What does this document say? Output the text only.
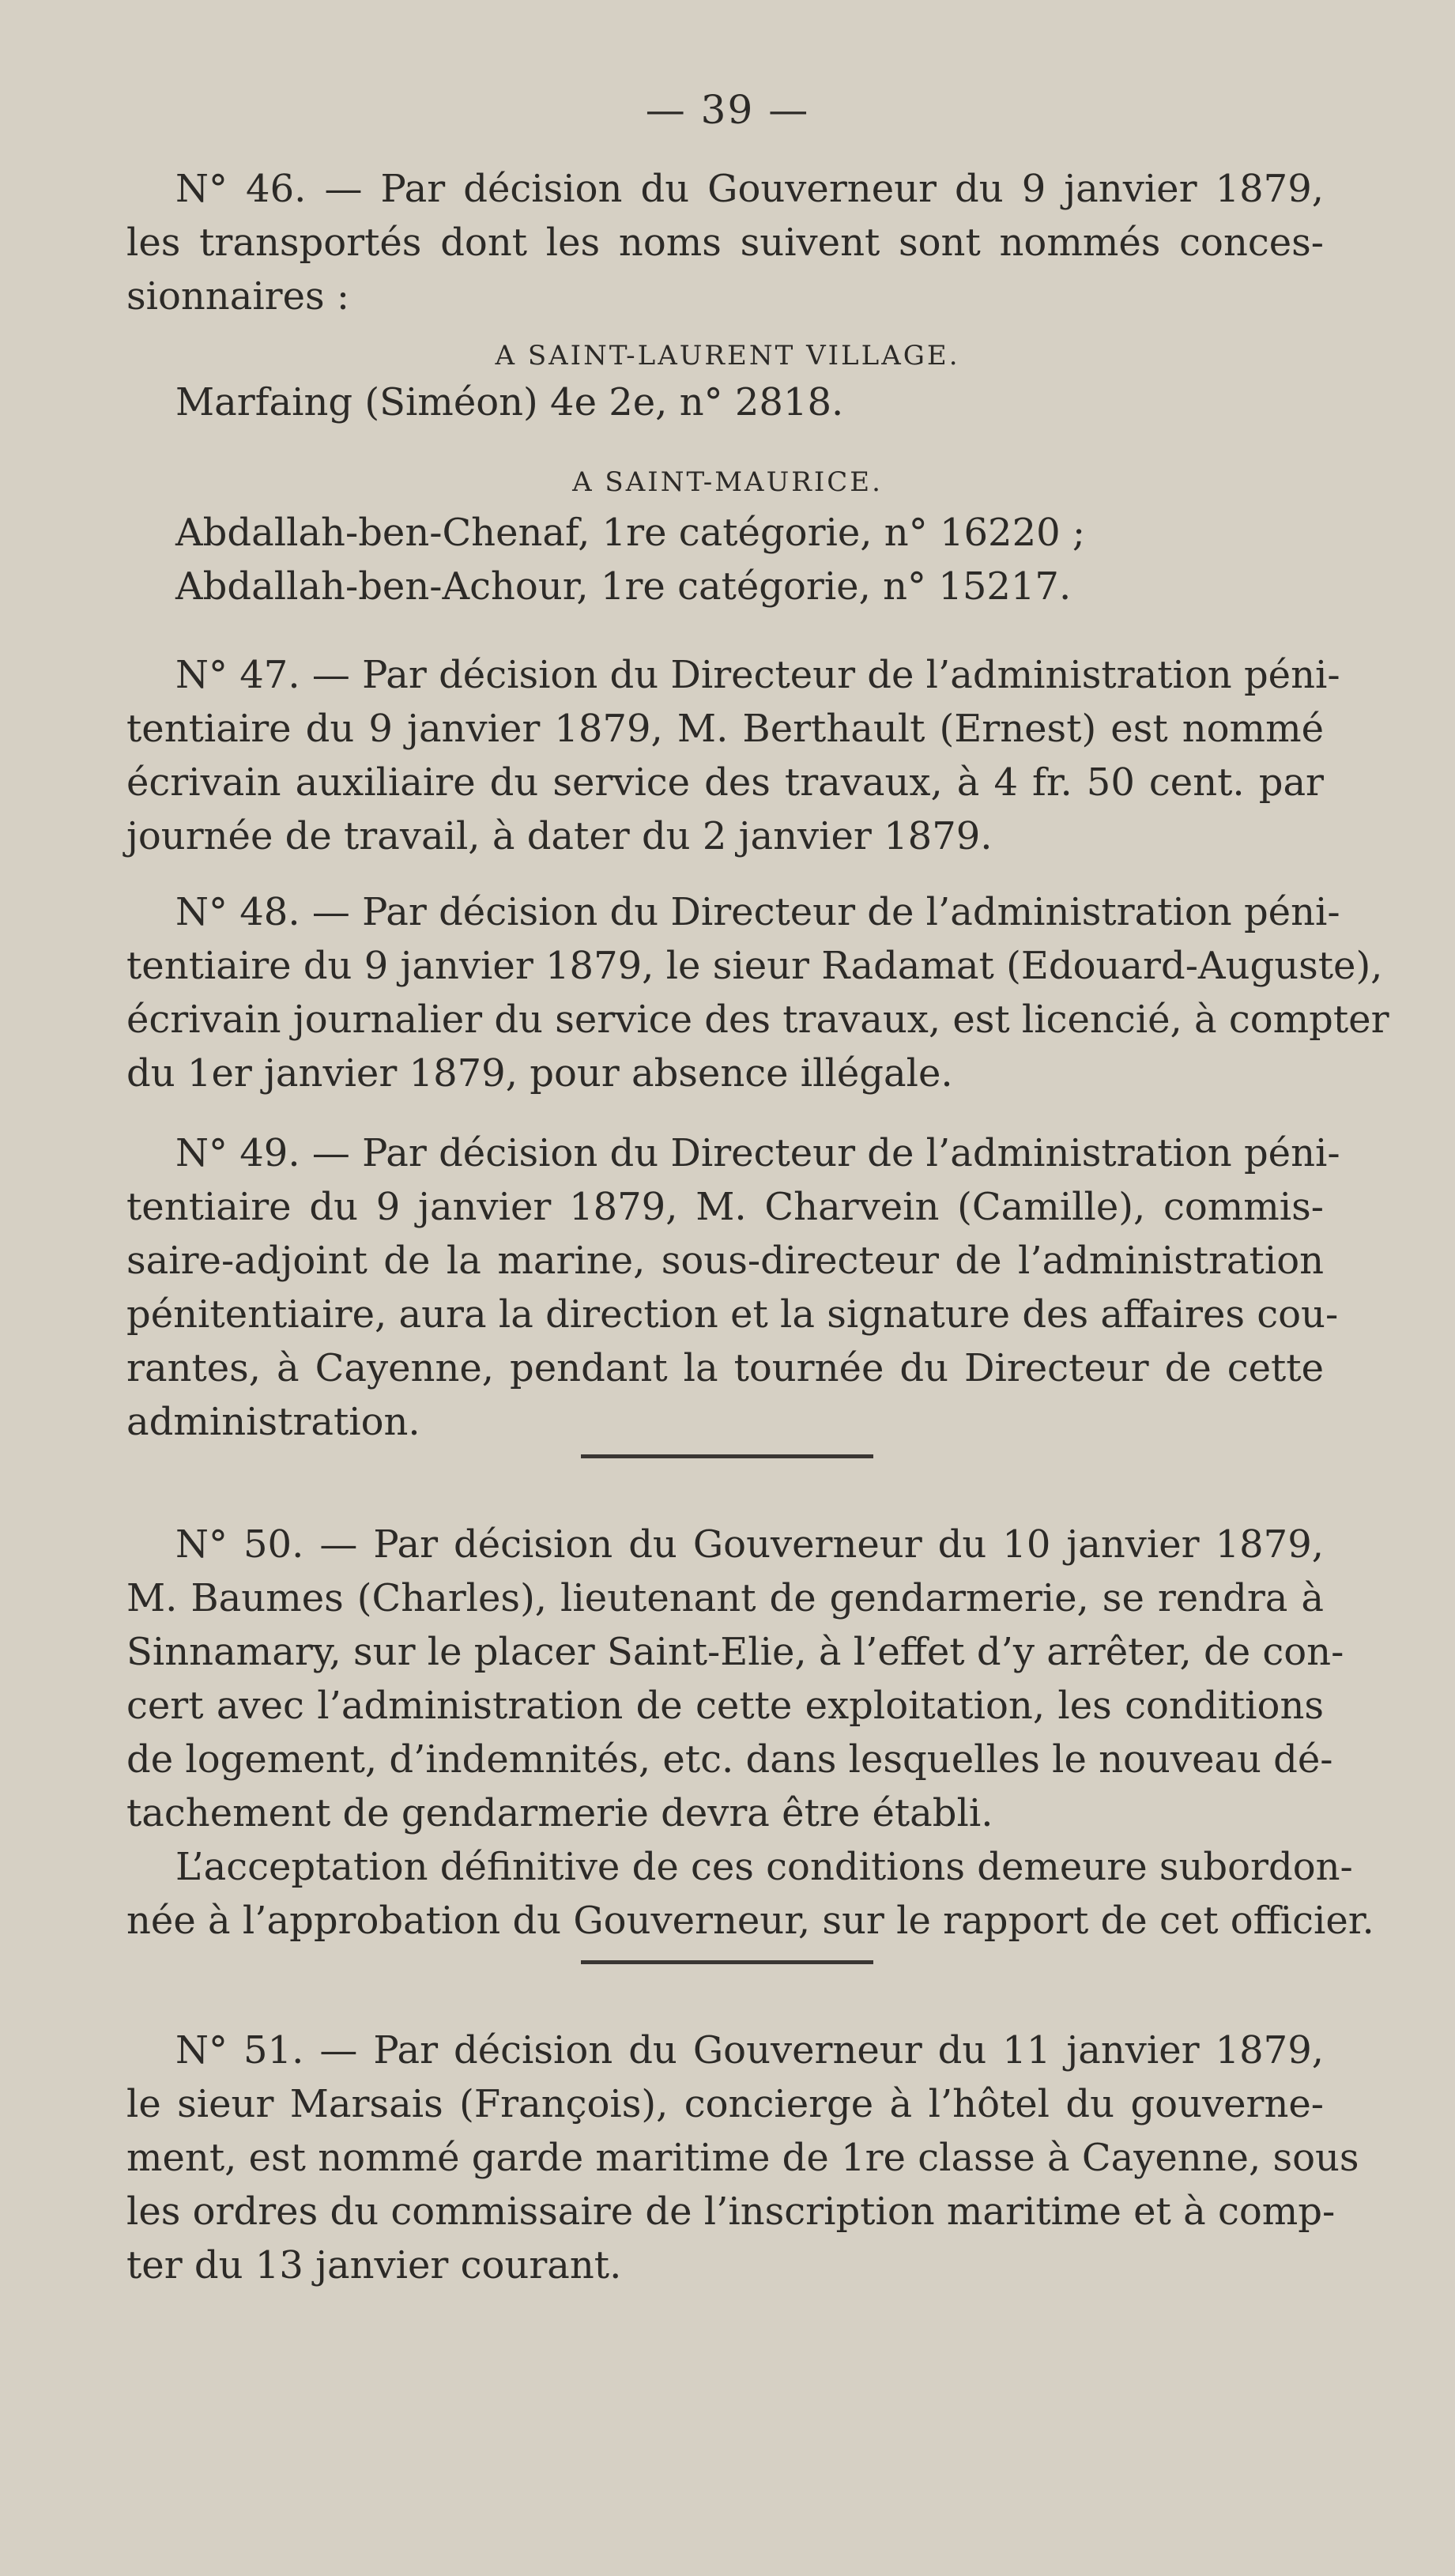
— 39 —
N° 46. — Par décision du Gouverneur du 9 janvier 1879,
les transportés dont les noms suivent sont nommés conces-
sionnaires :
A SAINT-LAURENT VILLAGE.
Marfaing (Siméon) 4e 2e, n° 2818.
A SAINT-MAURICE.
Abdallah-ben-Chenaf, 1re catégorie, n° 16220 ;
Abdallah-ben-Achour, 1re catégorie, n° 15217.
N° 47. — Par décision du Directeur de l’administration péni-
tentiaire du 9 janvier 1879, M. Berthault (Ernest) est nommé
écrivain auxiliaire du service des travaux, à 4 fr. 50 cent. par
journée de travail, à dater du 2 janvier 1879.
N° 48. — Par décision du Directeur de l’administration péni-
tentiaire du 9 janvier 1879, le sieur Radamat (Edouard-Auguste),
écrivain journalier du service des travaux, est licencié, à compter
du 1er janvier 1879, pour absence illégale.
N° 49. — Par décision du Directeur de l’administration péni-
tentiaire du 9 janvier 1879, M. Charvein (Camille), commis-
saire-adjoint de la marine, sous-directeur de l’administration
pénitentiaire, aura la direction et la signature des affaires cou-
rantes, à Cayenne, pendant la tournée du Directeur de cette
administration.
N° 50. — Par décision du Gouverneur du 10 janvier 1879,
M. Baumes (Charles), lieutenant de gendarmerie, se rendra à
Sinnamary, sur le placer Saint-Elie, à l’effet d’y arrêter, de con-
cert avec l’administration de cette exploitation, les conditions
de logement, d’indemnités, etc. dans lesquelles le nouveau dé-
tachement de gendarmerie devra être établi.
L’acceptation définitive de ces conditions demeure subordon-
née à l’approbation du Gouverneur, sur le rapport de cet officier.
N° 51. — Par décision du Gouverneur du 11 janvier 1879,
le sieur Marsais (François), concierge à l’hôtel du gouverne-
ment, est nommé garde maritime de 1re classe à Cayenne, sous
les ordres du commissaire de l’inscription maritime et à comp-
ter du 13 janvier courant.
